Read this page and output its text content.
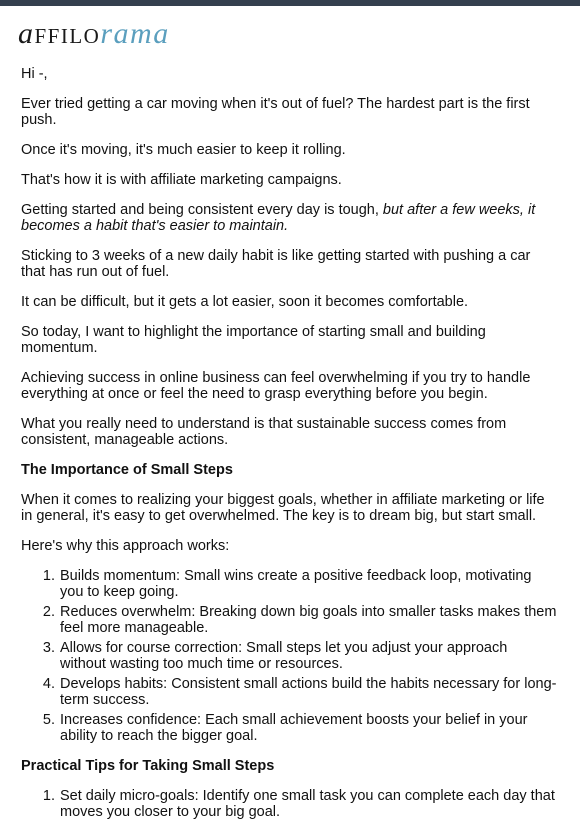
affilorama

Hi -,

Ever tried getting a car moving when it's out of fuel? The hardest part is the first push.

Once it's moving, it's much easier to keep it rolling.

That's how it is with affiliate marketing campaigns.

Getting started and being consistent every day is tough, but after a few weeks, it becomes a habit that's easier to maintain.

Sticking to 3 weeks of a new daily habit is like getting started with pushing a car that has run out of fuel.

It can be difficult, but it gets a lot easier, soon it becomes comfortable.

So today, I want to highlight the importance of starting small and building momentum.

Achieving success in online business can feel overwhelming if you try to handle everything at once or feel the need to grasp everything before you begin.

What you really need to understand is that sustainable success comes from consistent, manageable actions.

The Importance of Small Steps

When it comes to realizing your biggest goals, whether in affiliate marketing or life in general, it's easy to get overwhelmed. The key is to dream big, but start small.

Here's why this approach works:

1. Builds momentum: Small wins create a positive feedback loop, motivating you to keep going.
2. Reduces overwhelm: Breaking down big goals into smaller tasks makes them feel more manageable.
3. Allows for course correction: Small steps let you adjust your approach without wasting too much time or resources.
4. Develops habits: Consistent small actions build the habits necessary for long-term success.
5. Increases confidence: Each small achievement boosts your belief in your ability to reach the bigger goal.
Practical Tips for Taking Small Steps
1. Set daily micro-goals: Identify one small task you can complete each day that moves you closer to your big goal.
